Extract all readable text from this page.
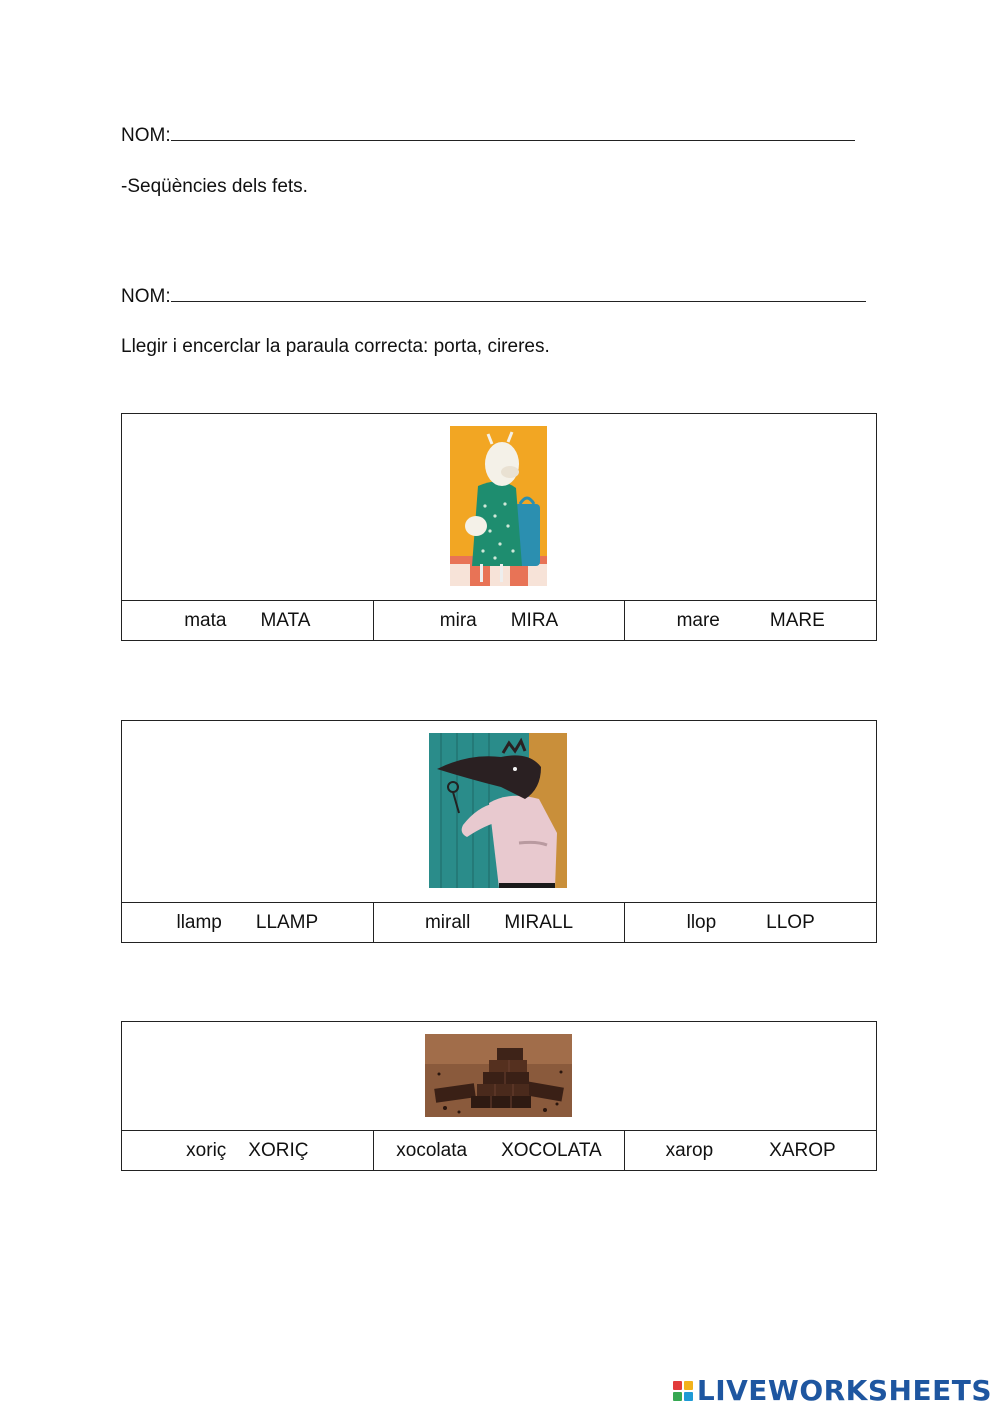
NOM:
-Seqüències dels fets.
NOM:
Llegir i encerclar la paraula correcta: porta, cireres.
mata MATA	mira MIRA	mare	MARE
llamp LLAMP	mirall MIRALL	llop	LLOP
xoriç XORIÇ	xocolata XOCOLATA	xarop	XAROP
LIVEWORKSHEETS
